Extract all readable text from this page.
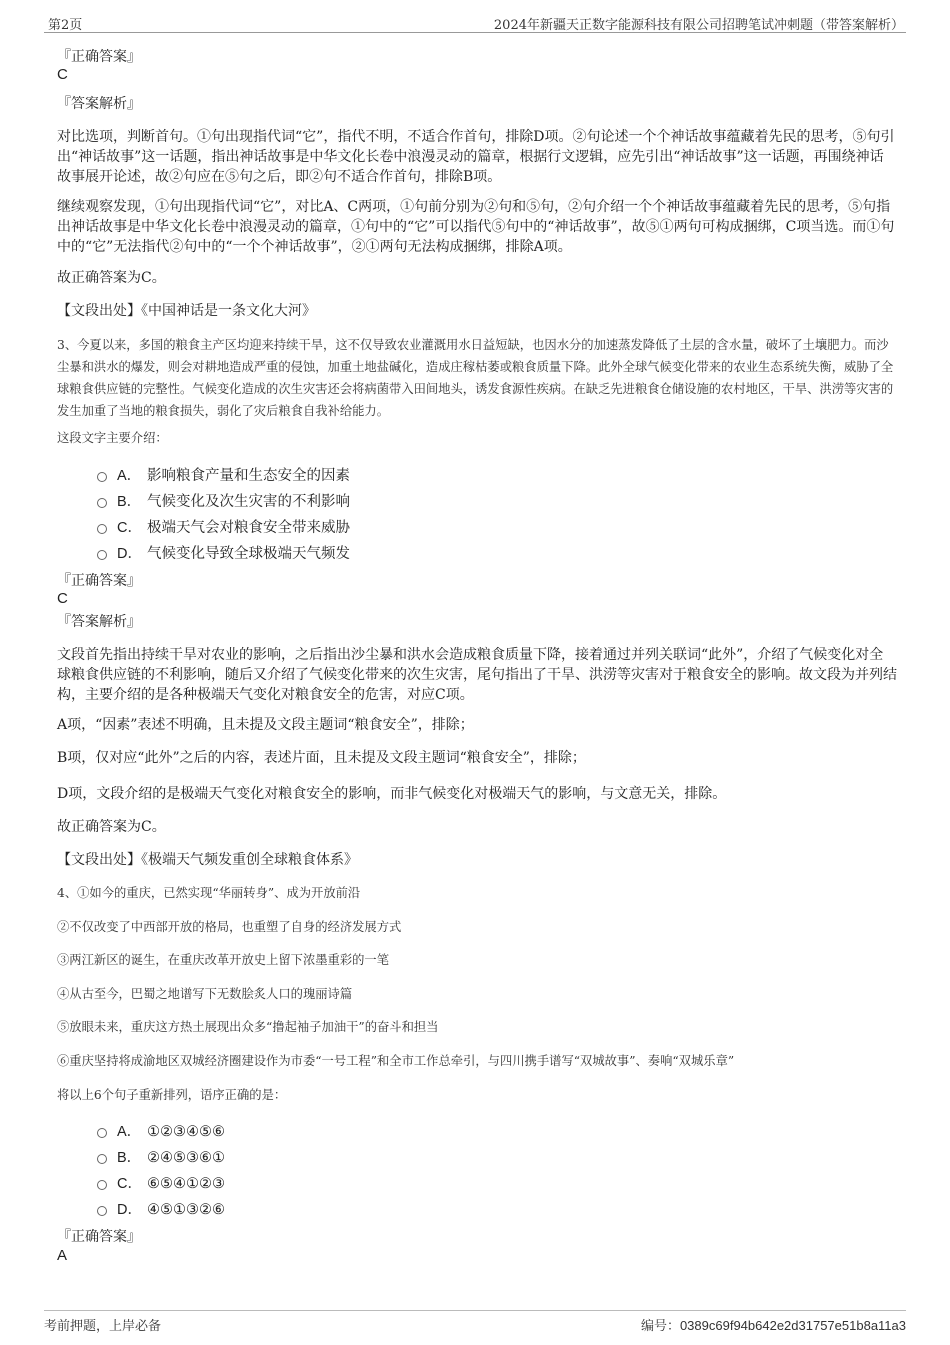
第2页	2024年新疆天正数字能源科技有限公司招聘笔试冲刺题（带答案解析）
『正确答案』
C
『答案解析』
对比选项，判断首句。①句出现指代词“它”，指代不明，不适合作首句，排除D项。②句论述一个个神话故事蕴藏着先民的思考，⑤句引出“神话故事”这一话题，指出神话故事是中华文化长卷中浪漫灵动的篇章，根据行文逻辑，应先引出“神话故事”这一话题，再围绕神话故事展开论述，故②句应在⑤句之后，即②句不适合作首句，排除B项。
继续观察发现，①句出现指代词“它”，对比A、C两项，①句前分别为②句和⑤句，②句介绍一个个神话故事蕴藏着先民的思考，⑤句指出神话故事是中华文化长卷中浪漫灵动的篇章，①句中的“它”可以指代⑤句中的“神话故事”，故⑤①两句可构成捆绑，C项当选。而①句中的“它”无法指代②句中的“一个个神话故事”，②①两句无法构成捆绑，排除A项。
故正确答案为C。
【文段出处】《中国神话是一条文化大河》
3、今夏以来，多国的粮食主产区均迎来持续干旱，这不仅导致农业灌溉用水日益短缺，也因水分的加速蒸发降低了土层的含水量，破坏了土壤肥力。而沙尘暴和洪水的爆发，则会对耕地造成严重的侵蚀，加重土地盐碱化，造成庄稼枯萎或粮食质量下降。此外全球气候变化带来的农业生态系统失衡，威胁了全球粮食供应链的完整性。气候变化造成的次生灾害还会将病菌带入田间地头，诱发食源性疾病。在缺乏先进粮食仓储设施的农村地区，干旱、洪涝等灾害的发生加重了当地的粮食损失，弱化了灾后粮食自我补给能力。
这段文字主要介绍：
A． 影响粮食产量和生态安全的因素
B． 气候变化及次生灾害的不利影响
C． 极端天气会对粮食安全带来威胁
D． 气候变化导致全球极端天气频发
『正确答案』
C
『答案解析』
文段首先指出持续干旱对农业的影响，之后指出沙尘暴和洪水会造成粮食质量下降，接着通过并列关联词“此外”，介绍了气候变化对全球粮食供应链的不利影响，随后又介绍了气候变化带来的次生灾害，尾句指出了干旱、洪涝等灾害对于粮食安全的影响。故文段为并列结构，主要介绍的是各种极端天气变化对粮食安全的危害，对应C项。
A项，“因素”表述不明确，且未提及文段主题词“粮食安全”，排除；
B项，仅对应“此外”之后的内容，表述片面，且未提及文段主题词“粮食安全”，排除；
D项，文段介绍的是极端天气变化对粮食安全的影响，而非气候变化对极端天气的影响，与文意无关，排除。
故正确答案为C。
【文段出处】《极端天气频发重创全球粮食体系》
4、①如今的重庆，已然实现“华丽转身”、成为开放前沿
②不仅改变了中西部开放的格局，也重塑了自身的经济发展方式
③两江新区的诞生，在重庆改革开放史上留下浓墨重彩的一笔
④从古至今，巴蜀之地谱写下无数脍炙人口的瑰丽诗篇
⑤放眼未来，重庆这方热土展现出众多“撸起袖子加油干”的奋斗和担当
⑥重庆坚持将成渝地区双城经济圈建设作为市委“一号工程”和全市工作总牵引，与四川携手谱写“双城故事”、奏响“双城乐章”
将以上6个句子重新排列，语序正确的是：
A． ①②③④⑤⑥
B． ②④⑤③⑥①
C． ⑥⑤④①②③
D． ④⑤①③②⑥
『正确答案』
A
考前押题，上岸必备	编号：0389c69f94b642e2d31757e51b8a11a3
